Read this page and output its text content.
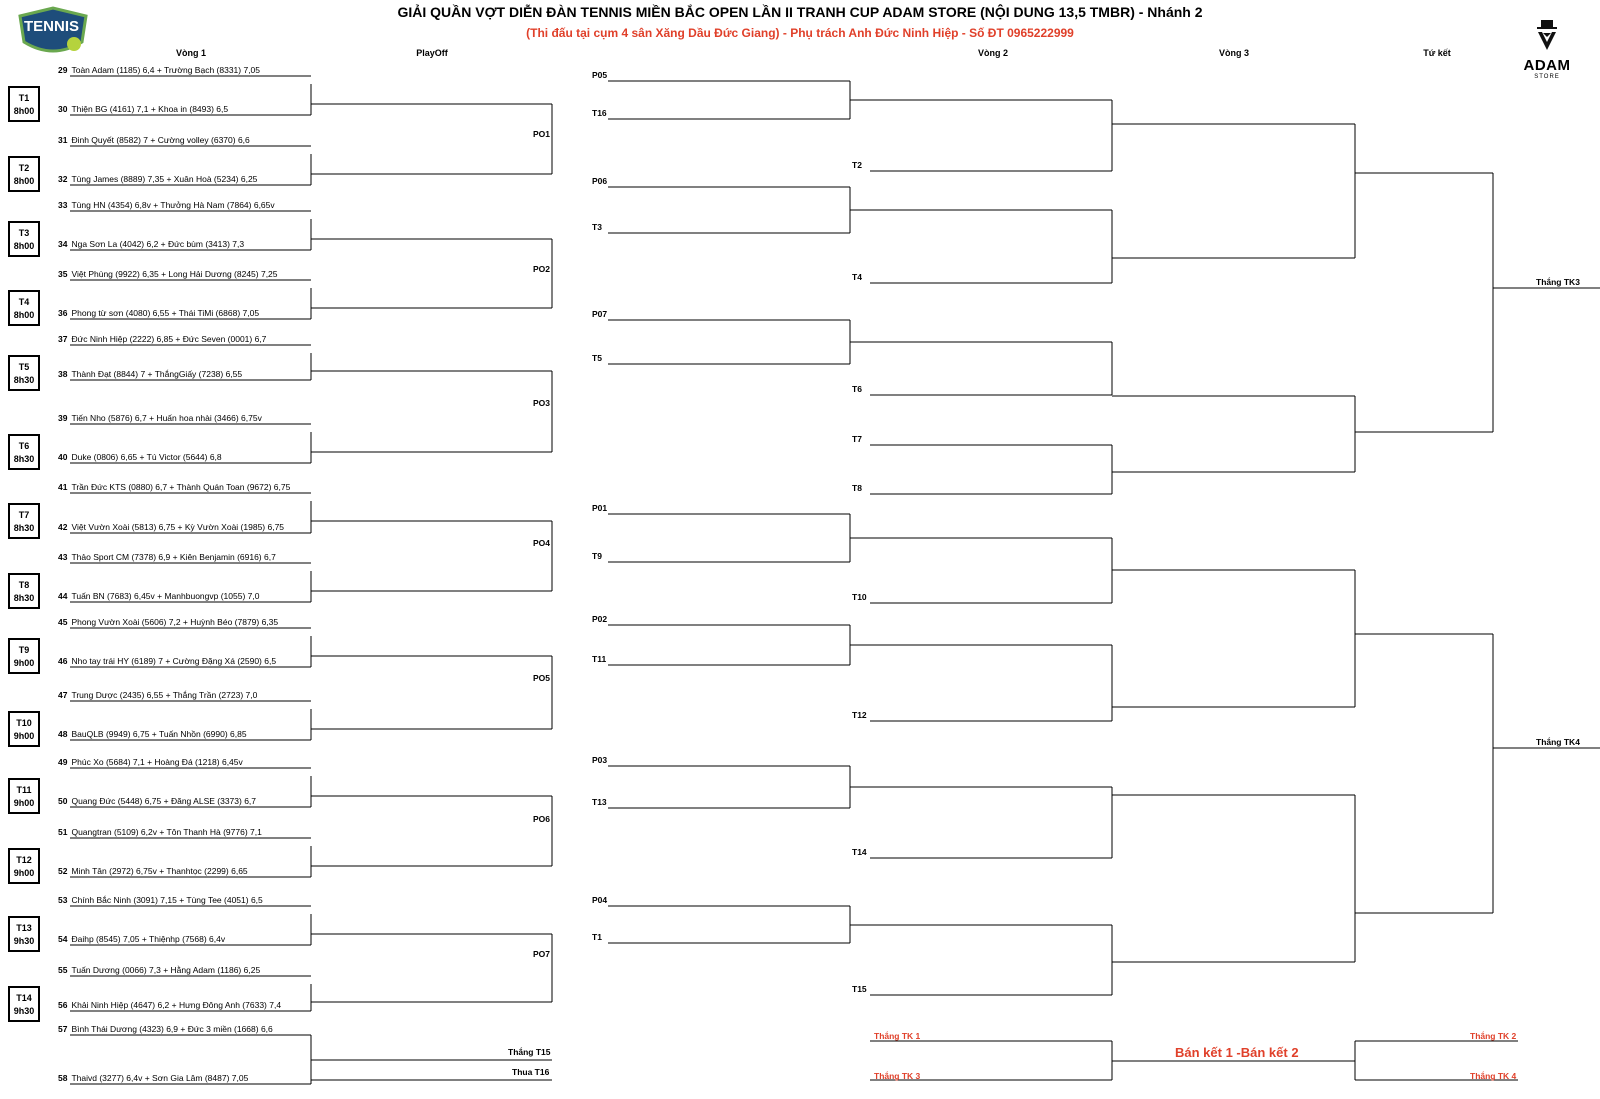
TENNIS
ADAM
STORE
GIẢI QUẦN VỢT DIỄN ĐÀN TENNIS MIỀN BẮC OPEN LẦN II TRANH CUP ADAM STORE (NỘI DUNG 13,5 TMBR) - Nhánh 2
(Thi đấu tại cụm 4 sân Xăng Dầu Đức Giang) - Phụ trách Anh Đức Ninh Hiệp - Số ĐT 0965222999
Vòng 1	PlayOff	Vòng 2	Vòng 3	Tứ kết
29 Toàn Adam (1185) 6,4 + Trường Bạch (8331) 7,05
30 Thiện BG (4161) 7,1 + Khoa in (8493) 6,5
31 Đinh Quyết (8582) 7 + Cường volley (6370) 6,6
32 Tùng James (8889) 7,35 + Xuân Hoà (5234) 6,25
33 Tùng HN (4354) 6,8v + Thưởng Hà Nam (7864) 6,65v
34 Nga Sơn La (4042) 6,2 + Đức bùm (3413) 7,3
35 Việt Phùng (9922) 6,35 + Long Hải Dương (8245) 7,25
36 Phong từ sơn (4080) 6,55 + Thái TiMi (6868) 7,05
37 Đức Ninh Hiệp (2222) 6,85 + Đức Seven (0001) 6,7
38 Thành Đạt (8844) 7 + ThắngGiấy (7238) 6,55
39 Tiến Nho (5876) 6,7 + Huấn hoa nhài (3466) 6,75v
40 Duke (0806) 6,65 + Tú Victor (5644) 6,8
41 Trần Đức KTS (0880) 6,7 + Thành Quán Toan (9672) 6,75
42 Việt Vườn Xoài (5813) 6,75 + Kỳ Vườn Xoài (1985) 6,75
43 Thảo Sport CM (7378) 6,9 + Kiên Benjamin (6916) 6,7
44 Tuấn BN (7683) 6,45v + Manhbuongvp (1055) 7,0
45 Phong Vườn Xoài (5606) 7,2 + Huỳnh Béo (7879) 6,35
46 Nho tay trái HY (6189) 7 + Cường Đặng Xá (2590) 6,5
47 Trung Dược (2435) 6,55 + Thắng Trần (2723) 7,0
48 BauQLB (9949) 6,75 + Tuấn Nhồn (6990) 6,85
49 Phúc Xo (5684) 7,1 + Hoàng Đá (1218) 6,45v
50 Quang Đức (5448) 6,75 + Đăng ALSE (3373) 6,7
51 Quangtran (5109) 6,2v + Tôn Thanh Hà (9776) 7,1
52 Minh Tân (2972) 6,75v + Thanhtọc (2299) 6,65
53 Chính Bắc Ninh (3091) 7,15 + Tùng Tee (4051) 6,5
54 Đaihp (8545) 7,05 + Thiệnhp (7568) 6,4v
55 Tuấn Dương (0066) 7,3 + Hằng Adam (1186) 6,25
56 Khải Ninh Hiệp (4647) 6,2 + Hưng Đông Anh (7633) 7,4
57 Bình Thái Dương (4323) 6,9 + Đức 3 miền (1668) 6,6
58 Thaivd (3277) 6,4v + Sơn Gia Lâm (8487) 7,05
T1
8h00
T2
8h00
T3
8h00
T4
8h00
T5
8h30
T6
8h30
T7
8h30
T8
8h30
T9
9h00
T10
9h00
T11
9h00
T12
9h00
T13
9h30
T14
9h30
PO1
PO2
PO3
PO4
PO5
PO6
PO7
P05
T16
P06
T3
P07
T5
P01
T9
P02
T11
P03
T13
P04
T1
T2
T4
T6
T7
T8
T10
T12
T14
T15
Thắng TK3
Thắng TK4
Thắng T15
Thua T16
Thắng TK 1
Thắng TK 3
Thắng TK 2
Thắng TK 4
Bán kết 1 -Bán kết 2
